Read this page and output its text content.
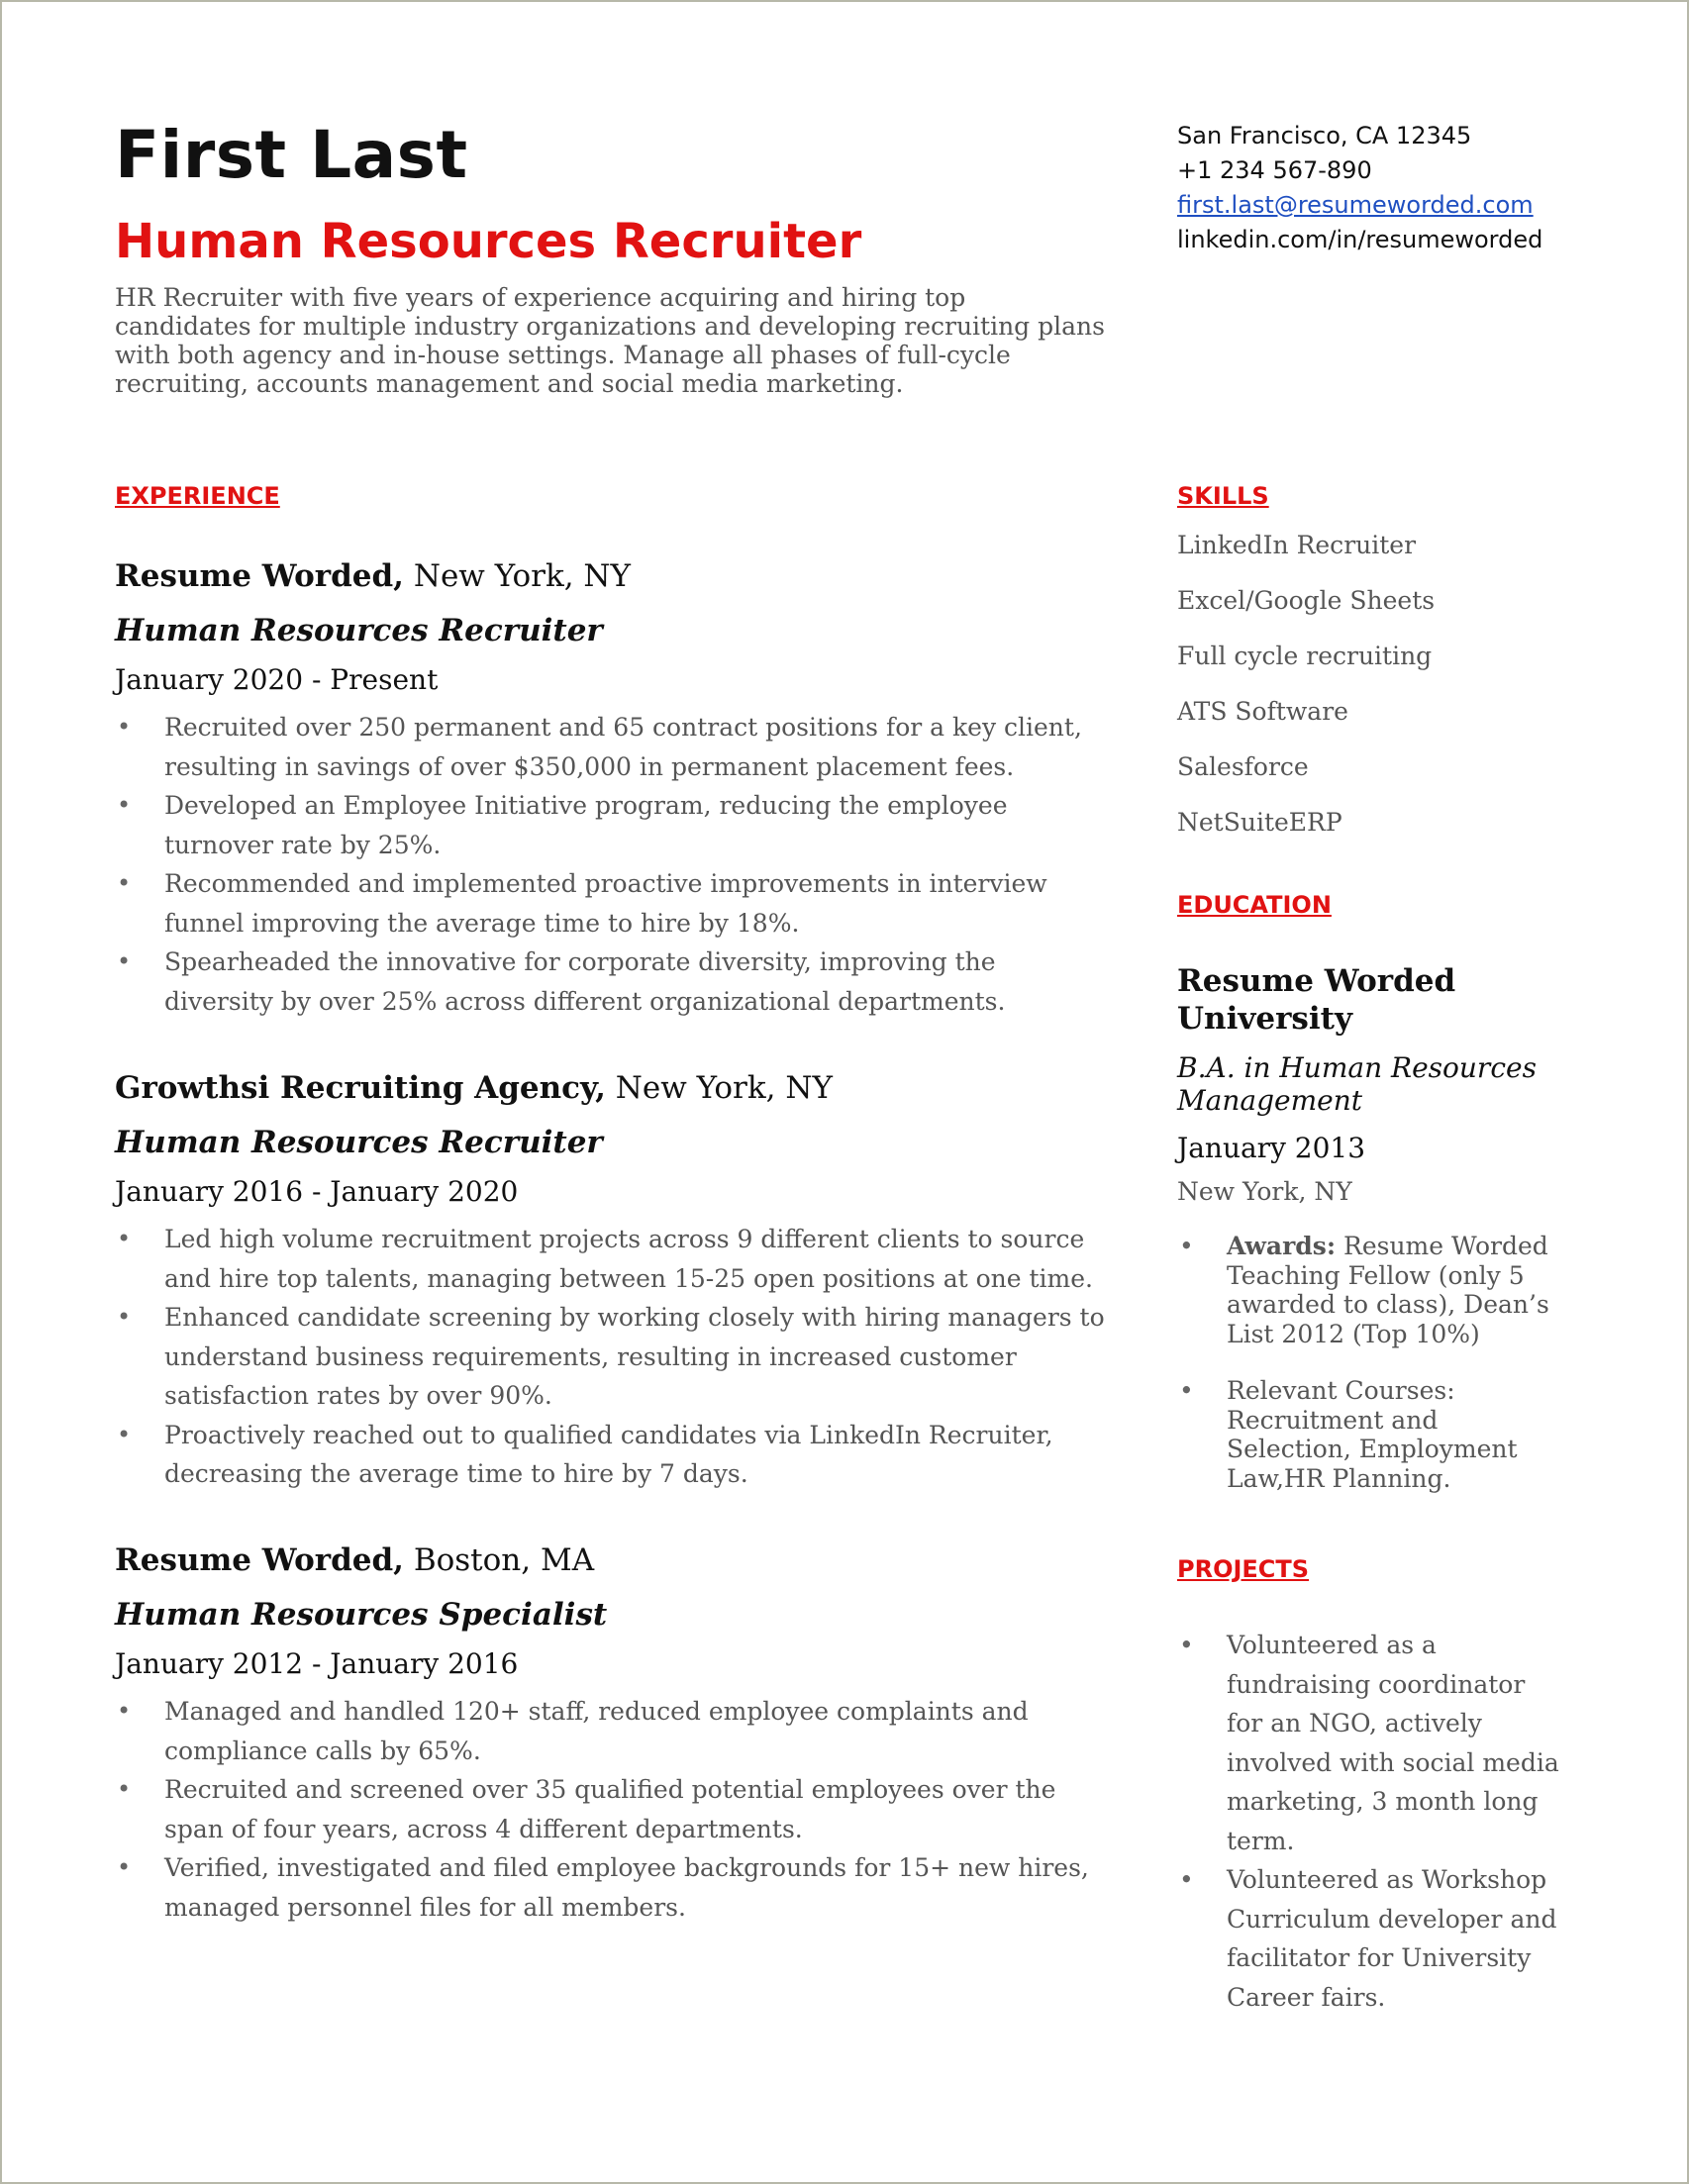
First Last
Human Resources Recruiter
HR Recruiter with five years of experience acquiring and hiring top candidates for multiple industry organizations and developing recruiting plans with both agency and in-house settings. Manage all phases of full-cycle recruiting, accounts management and social media marketing.
San Francisco, CA 12345
+1 234 567-890
first.last@resumeworded.com
linkedin.com/in/resumeworded
EXPERIENCE
Resume Worded, New York, NY
Human Resources Recruiter
January 2020 - Present
• Recruited over 250 permanent and 65 contract positions for a key client, resulting in savings of over $350,000 in permanent placement fees.
• Developed an Employee Initiative program, reducing the employee turnover rate by 25%.
• Recommended and implemented proactive improvements in interview funnel improving the average time to hire by 18%.
• Spearheaded the innovative for corporate diversity, improving the diversity by over 25% across different organizational departments.
Growthsi Recruiting Agency, New York, NY
Human Resources Recruiter
January 2016 - January 2020
• Led high volume recruitment projects across 9 different clients to source and hire top talents, managing between 15-25 open positions at one time.
• Enhanced candidate screening by working closely with hiring managers to understand business requirements, resulting in increased customer satisfaction rates by over 90%.
• Proactively reached out to qualified candidates via LinkedIn Recruiter, decreasing the average time to hire by 7 days.
Resume Worded, Boston, MA
Human Resources Specialist
January 2012 - January 2016
• Managed and handled 120+ staff, reduced employee complaints and compliance calls by 65%.
• Recruited and screened over 35 qualified potential employees over the span of four years, across 4 different departments.
• Verified, investigated and filed employee backgrounds for 15+ new hires, managed personnel files for all members.
SKILLS
LinkedIn Recruiter
Excel/Google Sheets
Full cycle recruiting
ATS Software
Salesforce
NetSuiteERP
EDUCATION
Resume Worded University
B.A. in Human Resources Management
January 2013
New York, NY
• Awards: Resume Worded Teaching Fellow (only 5 awarded to class), Dean’s List 2012 (Top 10%)
• Relevant Courses: Recruitment and Selection, Employment Law,HR Planning.
PROJECTS
• Volunteered as a fundraising coordinator for an NGO, actively involved with social media marketing, 3 month long term.
• Volunteered as Workshop Curriculum developer and facilitator for University Career fairs.
